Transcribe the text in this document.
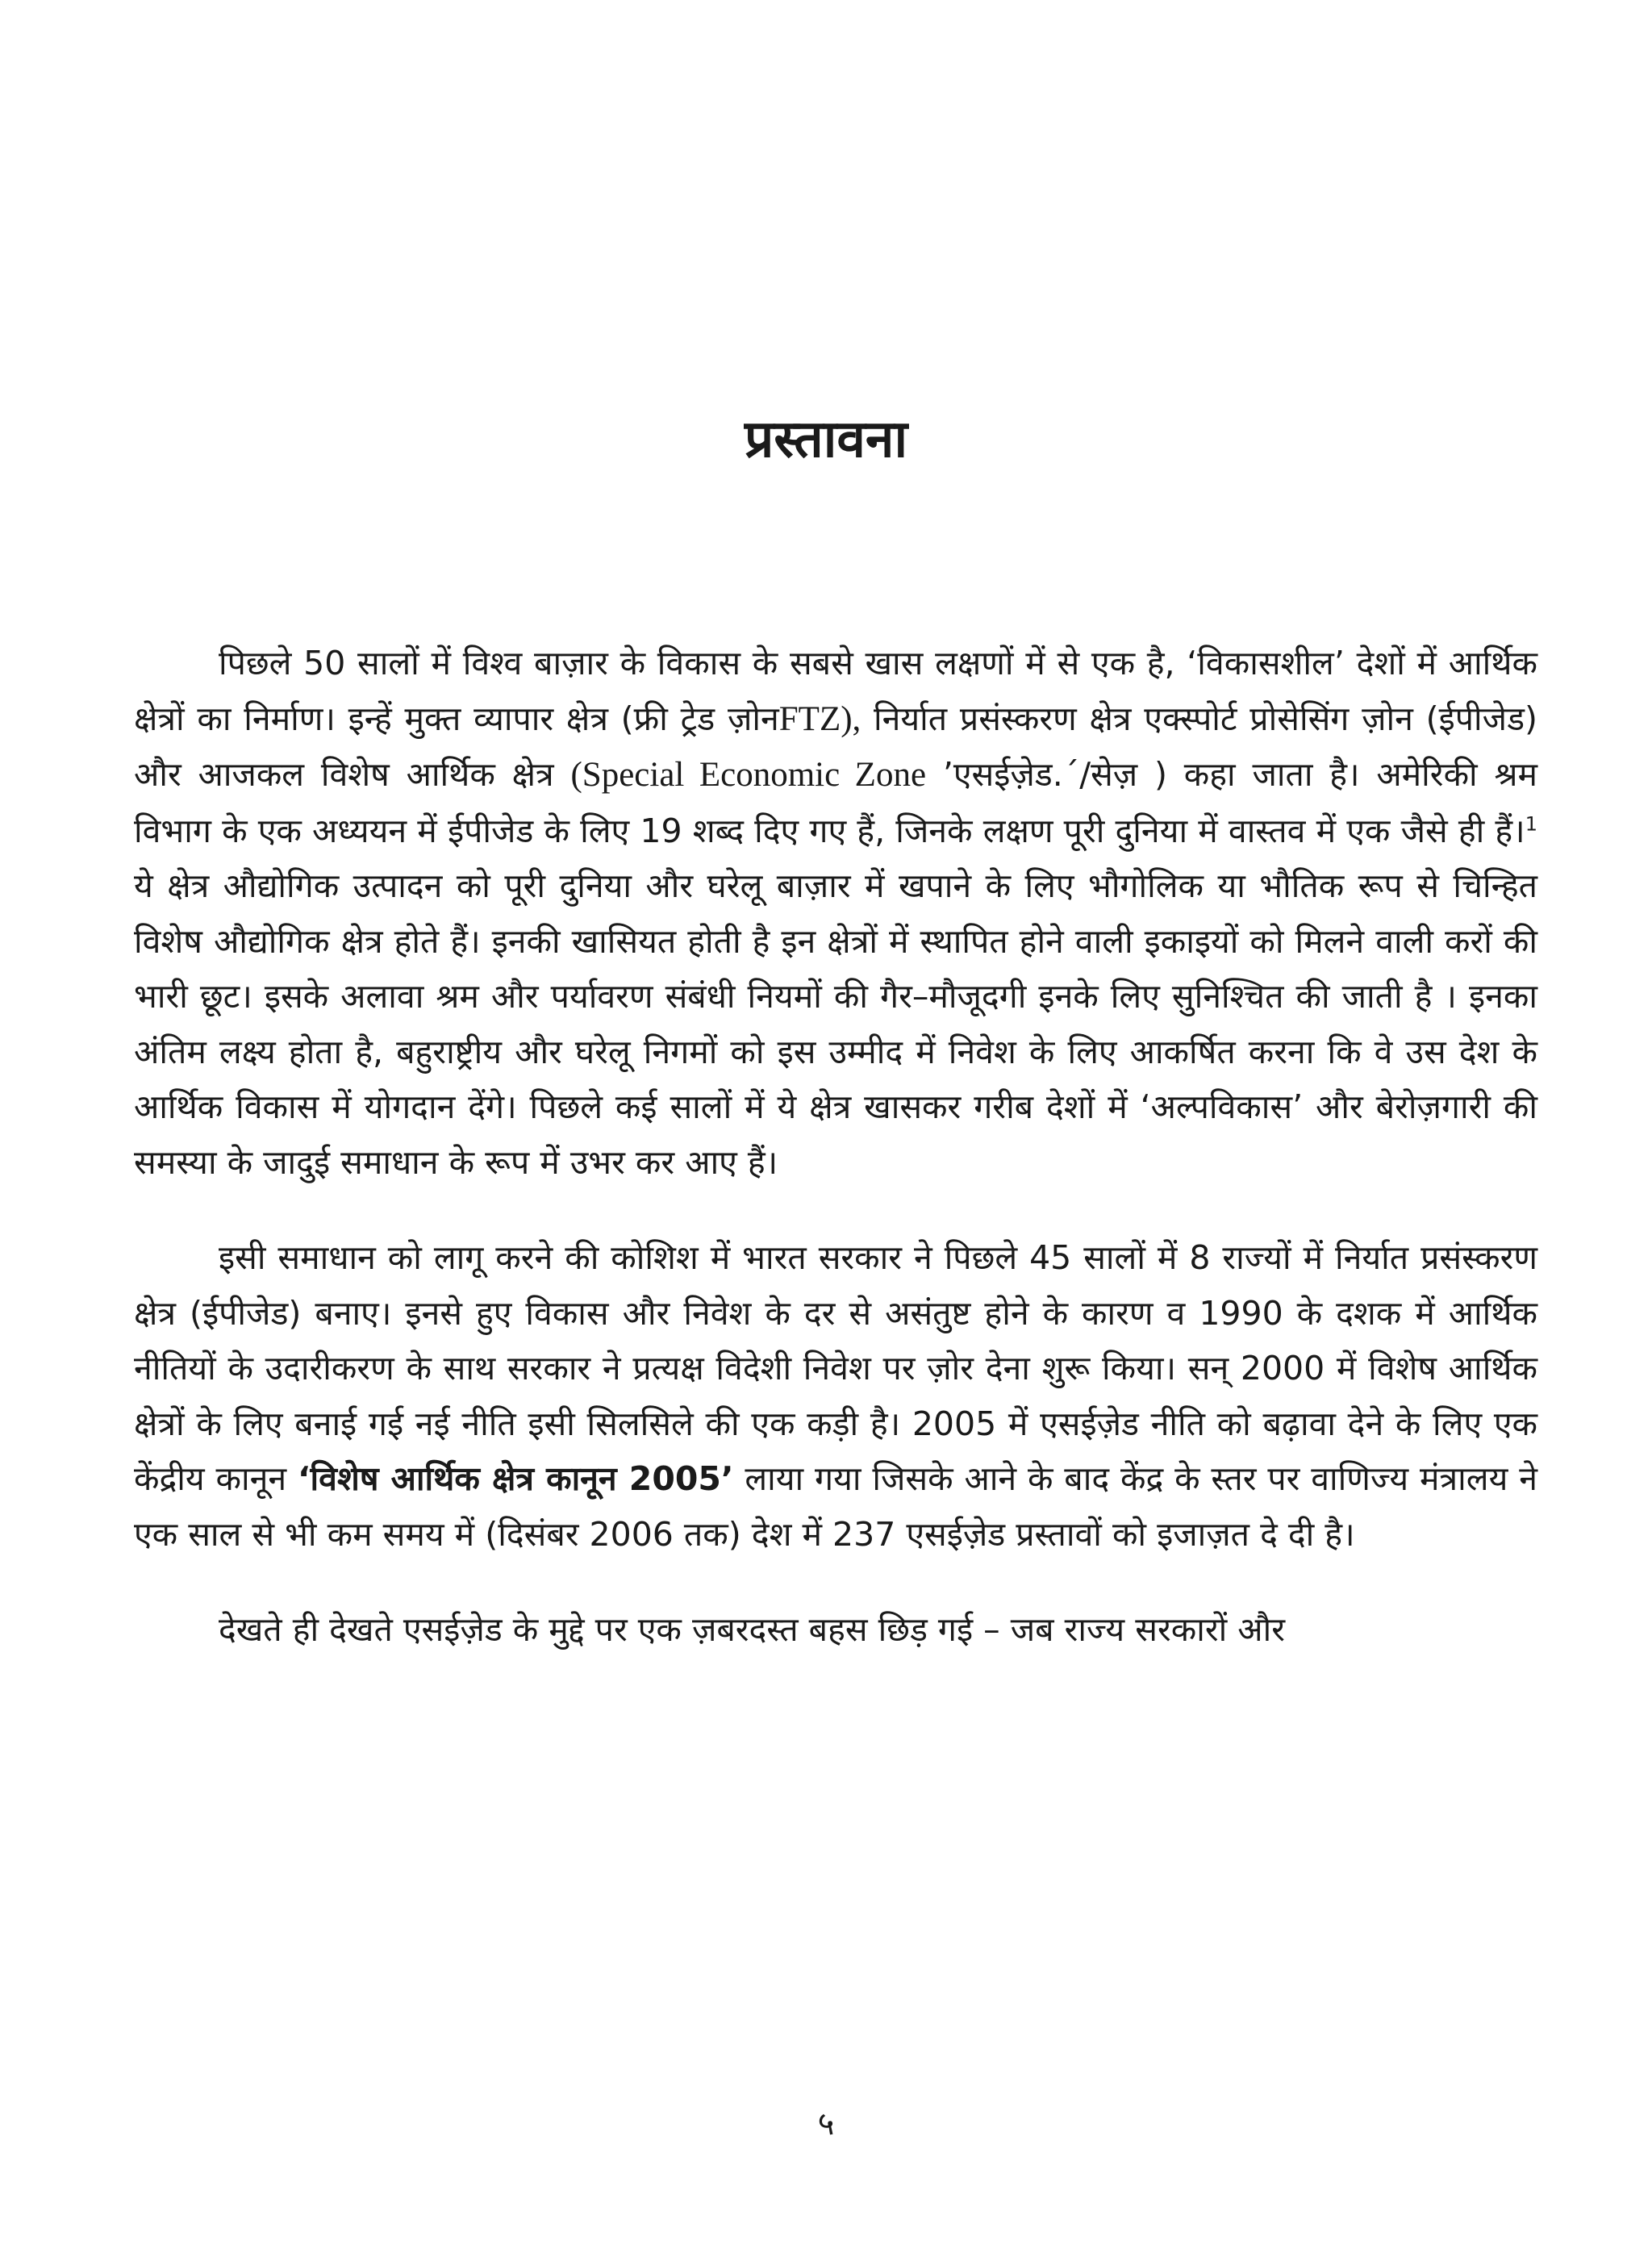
प्रस्तावना

पिछले 50 सालों में विश्व बाज़ार के विकास के सबसे खास लक्षणों में से एक है, ‘विकासशील’ देशों में आर्थिक क्षेत्रों का निर्माण। इन्हें मुक्त व्यापार क्षेत्र (फ्री ट्रेड ज़ोनFTZ), निर्यात प्रसंस्करण क्षेत्र एक्स्पोर्ट प्रोसेसिंग ज़ोन (ईपीजेड) और आजकल विशेष आर्थिक क्षेत्र (Special Economic Zone ’एसईज़ेड.´/सेज़ ) कहा जाता है। अमेरिकी श्रम विभाग के एक अध्ययन में ईपीजेड के लिए 19 शब्द दिए गए हैं, जिनके लक्षण पूरी दुनिया में वास्तव में एक जैसे ही हैं।$^1$ ये क्षेत्र औद्योगिक उत्पादन को पूरी दुनिया और घरेलू बाज़ार में खपाने के लिए भौगोलिक या भौतिक रूप से चिन्हित विशेष औद्योगिक क्षेत्र होते हैं। इनकी खासियत होती है इन क्षेत्रों में स्थापित होने वाली इकाइयों को मिलने वाली करों की भारी छूट। इसके अलावा श्रम और पर्यावरण संबंधी नियमों की गैर–मौजूदगी इनके लिए सुनिश्चित की जाती है । इनका अंतिम लक्ष्य होता है, बहुराष्ट्रीय और घरेलू निगमों को इस उम्मीद में निवेश के लिए आकर्षित करना कि वे उस देश के आर्थिक विकास में योगदान देंगे। पिछले कई सालों में ये क्षेत्र खासकर गरीब देशों में ‘अल्पविकास’ और बेरोज़गारी की समस्या के जादुई समाधान के रूप में उभर कर आए हैं।

इसी समाधान को लागू करने की कोशिश में भारत सरकार ने पिछले 45 सालों में 8 राज्यों में निर्यात प्रसंस्करण क्षेत्र (ईपीजेड) बनाए। इनसे हुए विकास और निवेश के दर से असंतुष्ट होने के कारण व 1990 के दशक में आर्थिक नीतियों के उदारीकरण के साथ सरकार ने प्रत्यक्ष विदेशी निवेश पर ज़ोर देना शुरू किया। सन् 2000 में विशेष आर्थिक क्षेत्रों के लिए बनाई गई नई नीति इसी सिलसिले की एक कड़ी है। 2005 में एसईज़ेड नीति को बढ़ावा देने के लिए एक केंद्रीय कानून ‘विशेष आर्थिक क्षेत्र कानून 2005’ लाया गया जिसके आने के बाद केंद्र के स्तर पर वाणिज्य मंत्रालय ने एक साल से भी कम समय में (दिसंबर 2006 तक) देश में 237 एसईज़ेड प्रस्तावों को इजाज़त दे दी है।

देखते ही देखते एसईज़ेड के मुद्दे पर एक ज़बरदस्त बहस छिड़ गई – जब राज्य सरकारों और

५
